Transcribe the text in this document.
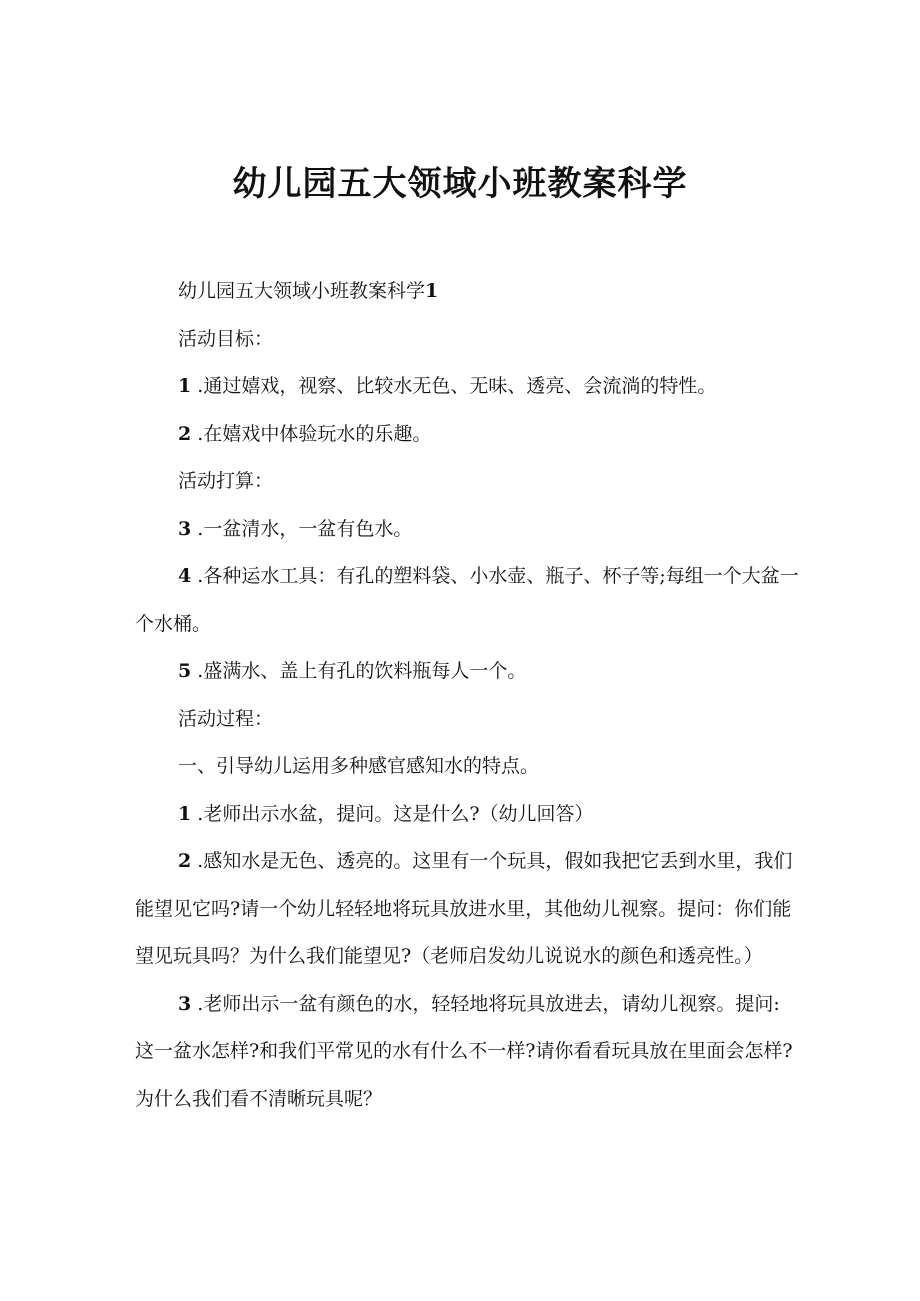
幼儿园五大领域小班教案科学

幼儿园五大领域小班教案科学1

活动目标：

1 .通过嬉戏，视察、比较水无色、无味、透亮、会流淌的特性。

2 .在嬉戏中体验玩水的乐趣。

活动打算：

3 .一盆清水，一盆有色水。

4 .各种运水工具：有孔的塑料袋、小水壶、瓶子、杯子等;每组一个大盆一个水桶。

5 .盛满水、盖上有孔的饮料瓶每人一个。

活动过程：

一、引导幼儿运用多种感官感知水的特点。

1 .老师出示水盆，提问。这是什么?（幼儿回答）

2 .感知水是无色、透亮的。这里有一个玩具，假如我把它丢到水里，我们能望见它吗?请一个幼儿轻轻地将玩具放进水里，其他幼儿视察。提问：你们能望见玩具吗？为什么我们能望见?（老师启发幼儿说说水的颜色和透亮性。）

3 .老师出示一盆有颜色的水，轻轻地将玩具放进去，请幼儿视察。提问: 这一盆水怎样?和我们平常见的水有什么不一样?请你看看玩具放在里面会怎样?为什么我们看不清晰玩具呢？
